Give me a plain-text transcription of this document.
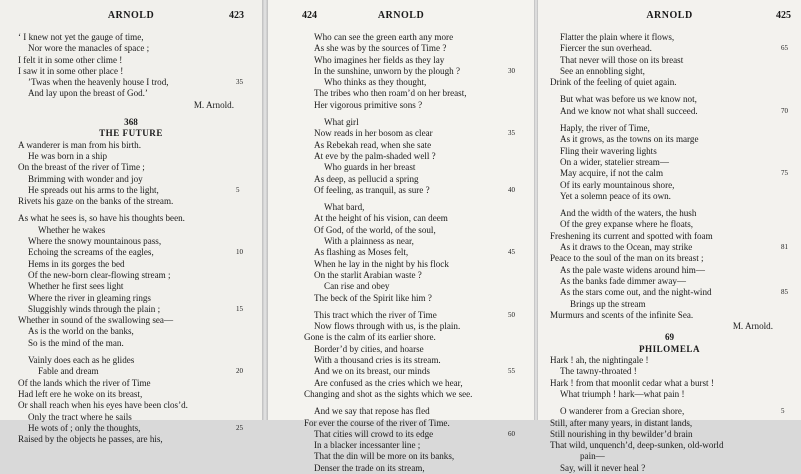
ARNOLD	423
‘ I knew not yet the gauge of time,
Nor wore the manacles of space ;
I felt it in some other clime !
I saw it in some other place !
’Twas when the heavenly house I trod,	35
And lay upon the breast of God.’
M. Arnold.
368
THE FUTURE
A wanderer is man from his birth.
He was born in a ship
On the breast of the river of Time ;
Brimming with wonder and joy
He spreads out his arms to the light,	5
Rivets his gaze on the banks of the stream.
As what he sees is, so have his thoughts been.
Whether he wakes
Where the snowy mountainous pass,
Echoing the screams of the eagles,	10
Hems in its gorges the bed
Of the new-born clear-flowing stream ;
Whether he first sees light
Where the river in gleaming rings
Sluggishly winds through the plain ;	15
Whether in sound of the swallowing sea—
As is the world on the banks,
So is the mind of the man.
Vainly does each as he glides
Fable and dream	20
Of the lands which the river of Time
Had left ere he woke on its breast,
Or shall reach when his eyes have been clos’d.
Only the tract where he sails
He wots of ; only the thoughts,	25
Raised by the objects he passes, are his,
ARNOLD
424
Who can see the green earth any more
As she was by the sources of Time ?
Who imagines her fields as they lay
In the sunshine, unworn by the plough ?	30
Who thinks as they thought,
The tribes who then roam’d on her breast,
Her vigorous primitive sons ?
What girl
Now reads in her bosom as clear	35
As Rebekah read, when she sate
At eve by the palm-shaded well ?
Who guards in her breast
As deep, as pellucid a spring
Of feeling, as tranquil, as sure ?	40
What bard,
At the height of his vision, can deem
Of God, of the world, of the soul,
With a plainness as near,
As flashing as Moses felt,	45
When he lay in the night by his flock
On the starlit Arabian waste ?
Can rise and obey
The beck of the Spirit like him ?
This tract which the river of Time	50
Now flows through with us, is the plain.
Gone is the calm of its earlier shore.
Border’d by cities, and hoarse
With a thousand cries is its stream.
And we on its breast, our minds	55
Are confused as the cries which we hear,
Changing and shot as the sights which we see.
And we say that repose has fled
For ever the course of the river of Time.
That cities will crowd to its edge	60
In a blacker incessanter line ;
That the din will be more on its banks,
Denser the trade on its stream,
ARNOLD	425
Flatter the plain where it flows,
Fiercer the sun overhead.	65
That never will those on its breast
See an ennobling sight,
Drink of the feeling of quiet again.
But what was before us we know not,
And we know not what shall succeed.	70
Haply, the river of Time,
As it grows, as the towns on its marge
Fling their wavering lights
On a wider, statelier stream—
May acquire, if not the calm	75
Of its early mountainous shore,
Yet a solemn peace of its own.
And the width of the waters, the hush
Of the grey expanse where he floats,
Freshening its current and spotted with foam
As it draws to the Ocean, may strike	81
Peace to the soul of the man on its breast ;
As the pale waste widens around him—
As the banks fade dimmer away—
As the stars come out, and the night-wind	85
Brings up the stream
Murmurs and scents of the infinite Sea.
M. Arnold.
69
PHILOMELA
Hark ! ah, the nightingale !
The tawny-throated !
Hark ! from that moonlit cedar what a burst !
What triumph ! hark—what pain !
O wanderer from a Grecian shore,	5
Still, after many years, in distant lands,
Still nourishing in thy bewilder’d brain
That wild, unquench’d, deep-sunken, old-world
pain—
Say, will it never heal ?
